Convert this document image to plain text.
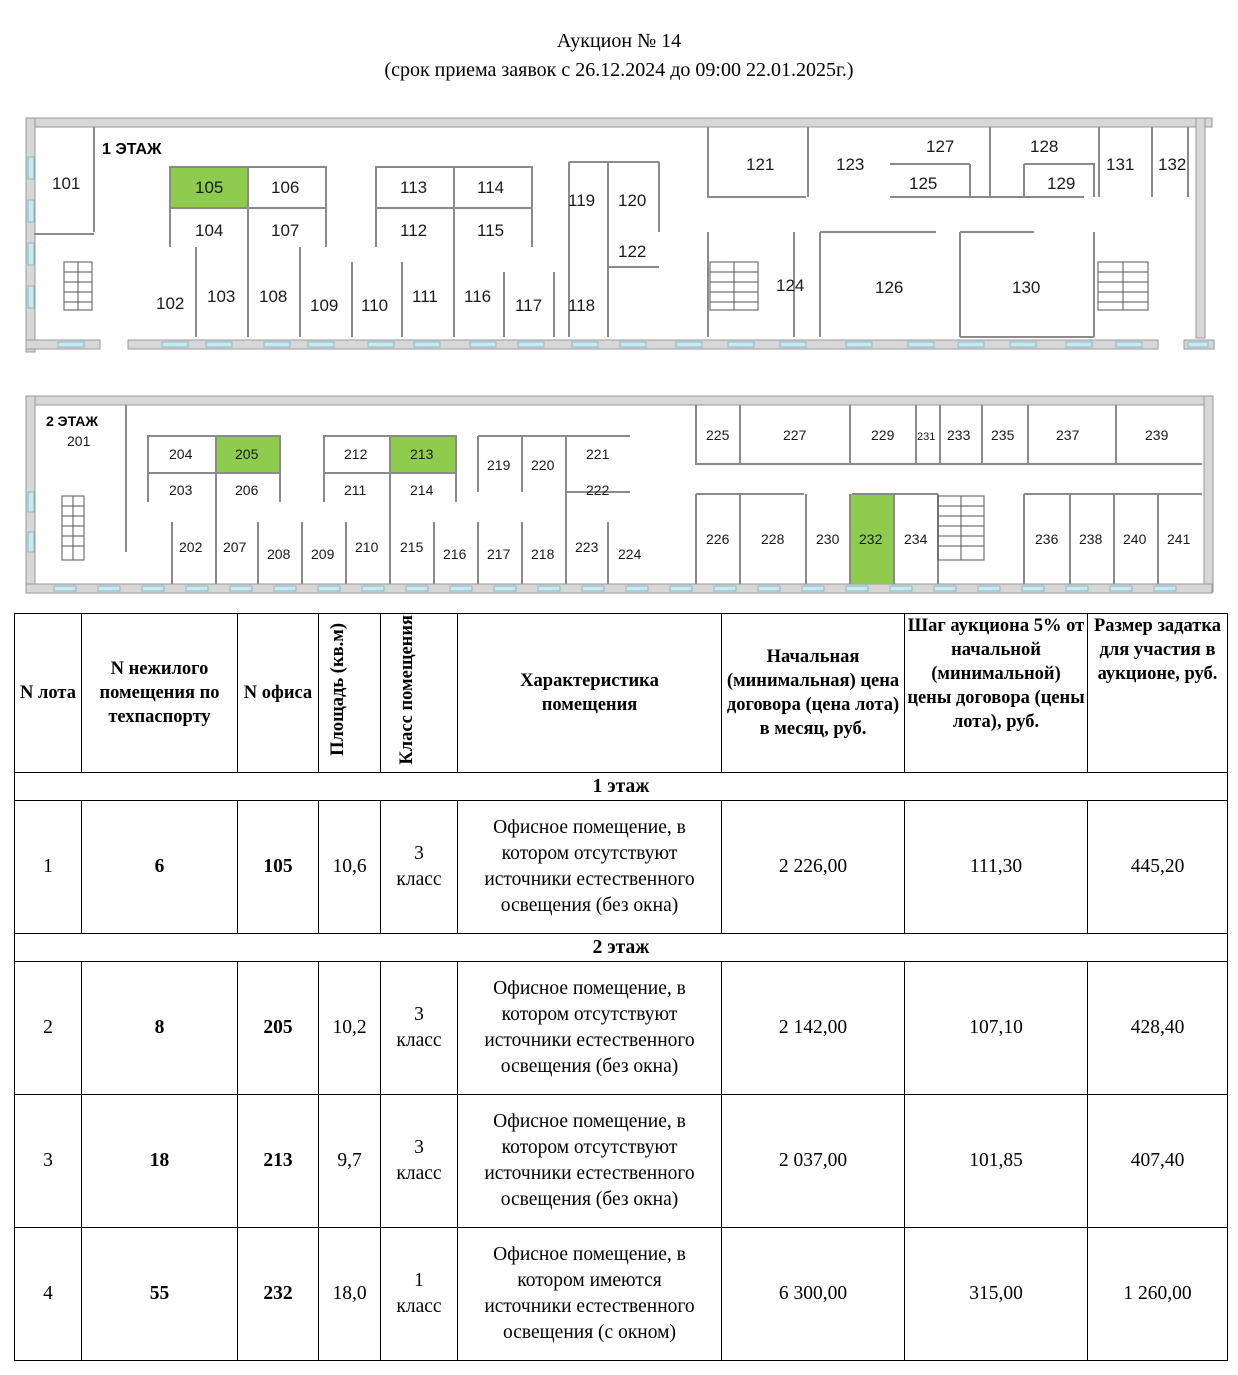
Аукцион № 14
(срок приема заявок с 26.12.2024 до 09:00 22.01.2025г.)
1 ЭТАЖ
101
102 103
104
105	106
107
108 109 110 111
112
113	114
115
116 117 118
119 120
121
122
123
124
125
126
127	128
129
130
131 132
2 ЭТАЖ
201
202
203
204	205
206
207 208 209 210
211
212	213
214
215 216 217 218
219 220
221
222
223 224
225
226
227
228
229
230
231
232
233
234
235
236
237
238
239
240 241
N лота	N нежилого помещения по техпаспорту	N офиса	Площадь (кв.м)	Класс помещения	Характеристика помещения	Начальная (минимальная) цена договора (цена лота) в месяц, руб.	Шаг аукциона 5% от начальной (минимальной) цены договора (цены лота), руб.	Размер задатка для участия в аукционе, руб.
1 этаж								
1	6	105	10,6	3 класс	Офисное помещение, в котором отсутствуют источники естественного освещения (без окна)	2 226,00	111,30	445,20
2 этаж								
2	8	205	10,2	3 класс	Офисное помещение, в котором отсутствуют источники естественного освещения (без окна)	2 142,00	107,10	428,40
3	18	213	9,7	3 класс	Офисное помещение, в котором отсутствуют источники естественного освещения (без окна)	2 037,00	101,85	407,40
4	55	232	18,0	1 класс	Офисное помещение, в котором имеются источники естественного освещения (с окном)	6 300,00	315,00	1 260,00
